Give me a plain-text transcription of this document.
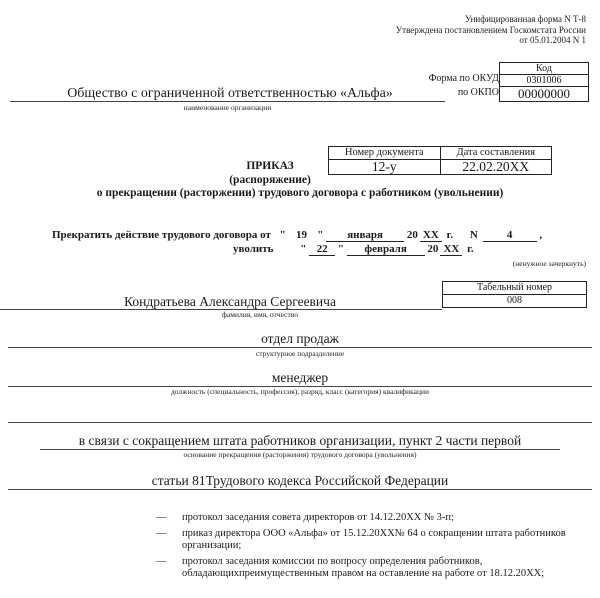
Унифицированная форма N Т-8
Утверждена постановлением Госкомстата России
от 05.01.2004 N 1
Форма по ОКУД
по ОКПО
Код
0301006
00000000
Общество с ограниченной ответственностью «Альфа»
наименование организации
Номер документа	Дата составления
12-у	22.02.20XX
ПРИКАЗ
(распоряжение)
о прекращении (расторжении) трудового договора с работником (увольнении)
Прекратить действие трудового договора от " 19 " января 20 XX г. N	4 ,
уволить " 22 " февраля 20 XX г.
(ненужное зачеркнуть)
Табельный номер
008
Кондратьева Александра Сергеевича
фамилия, имя, отчество
отдел продаж
структурное подразделение
менеджер
должность (специальность, профессия), разряд, класс (категория) квалификации
в связи с сокращением штата работников организации, пункт 2 части первой
основание прекращения (расторжения) трудового договора (увольнения)
статьи 81Трудового кодекса Российской Федерации
— протокол заседания совета директоров от 14.12.20XX № 3-п;
— приказ директора ООО «Альфа» от 15.12.20XX№ 64 о сокращении штата работников организации;
— протокол заседания комиссии по вопросу определения работников, обладающихпреимущественным правом на оставление на работе от 18.12.20XX;
